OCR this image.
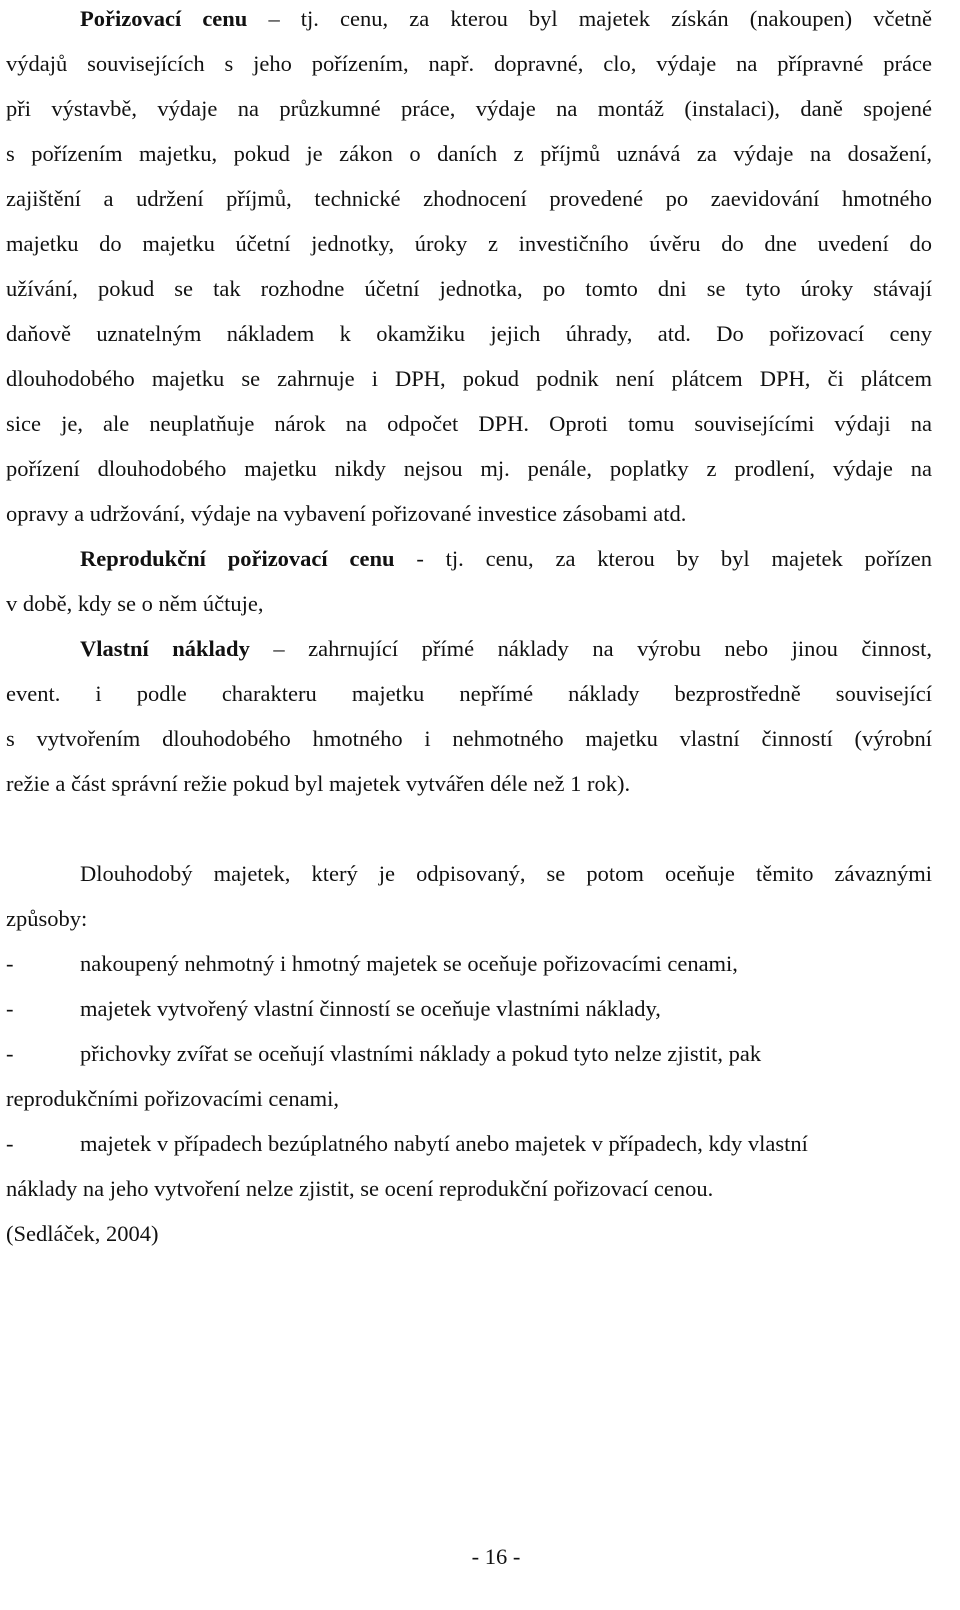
Pořizovací cenu – tj. cenu, za kterou byl majetek získán (nakoupen) včetně
výdajů souvisejících s jeho pořízením, např. dopravné, clo, výdaje na přípravné práce
při výstavbě, výdaje na průzkumné práce, výdaje na montáž (instalaci), daně spojené
s pořízením majetku, pokud je zákon o daních z příjmů uznává za výdaje na dosažení,
zajištění a udržení příjmů, technické zhodnocení provedené po zaevidování hmotného
majetku do majetku účetní jednotky, úroky z investičního úvěru do dne uvedení do
užívání, pokud se tak rozhodne účetní jednotka, po tomto dni se tyto úroky stávají
daňově uznatelným nákladem k okamžiku jejich úhrady, atd. Do pořizovací ceny
dlouhodobého majetku se zahrnuje i DPH, pokud podnik není plátcem DPH, či plátcem
sice je, ale neuplatňuje nárok na odpočet DPH. Oproti tomu souvisejícími výdaji na
pořízení dlouhodobého majetku nikdy nejsou mj. penále, poplatky z prodlení, výdaje na
opravy a udržování, výdaje na vybavení pořizované investice zásobami atd.
Reprodukční pořizovací cenu - tj. cenu, za kterou by byl majetek pořízen
v době, kdy se o něm účtuje,
Vlastní náklady – zahrnující přímé náklady na výrobu nebo jinou činnost,
event. i podle charakteru majetku nepřímé náklady bezprostředně související
s vytvořením dlouhodobého hmotného i nehmotného majetku vlastní činností (výrobní
režie a část správní režie pokud byl majetek vytvářen déle než 1 rok).
Dlouhodobý majetek, který je odpisovaný, se potom oceňuje těmito závaznými
způsoby:
-	nakoupený nehmotný i hmotný majetek se oceňuje pořizovacími cenami,
-	majetek vytvořený vlastní činností se oceňuje vlastními náklady,
-	přichovky zvířat se oceňují vlastními náklady a pokud tyto nelze zjistit, pak
reprodukčními pořizovacími cenami,
-	majetek v případech bezúplatného nabytí anebo majetek v případech, kdy vlastní
náklady na jeho vytvoření nelze zjistit, se ocení reprodukční pořizovací cenou.
(Sedláček, 2004)
- 16 -
